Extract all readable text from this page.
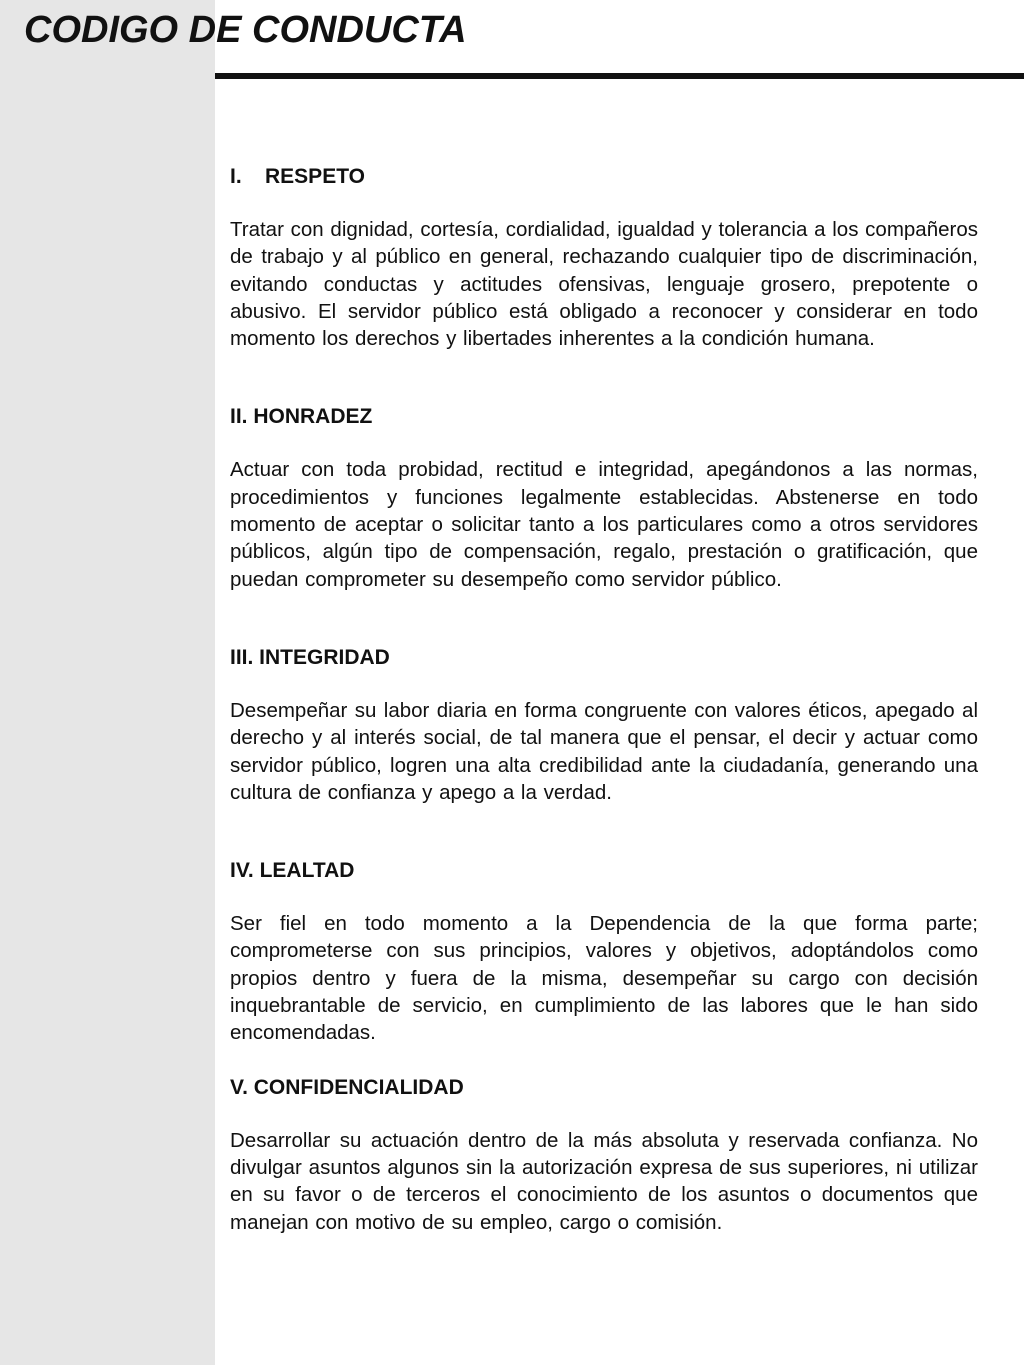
CODIGO DE CONDUCTA

I.    RESPETO

Tratar con dignidad, cortesía, cordialidad, igualdad y tolerancia a los compañeros de trabajo y al público en general, rechazando cualquier tipo de discriminación, evitando conductas y actitudes ofensivas, lenguaje grosero, prepotente o abusivo. El servidor público está obligado a reconocer y considerar en todo momento los derechos y libertades inherentes a la condición humana.

II. HONRADEZ

Actuar con toda probidad, rectitud e integridad, apegándonos a las normas, procedimientos y funciones legalmente establecidas. Abstenerse en todo momento de aceptar o solicitar tanto a los particulares como a otros servidores públicos, algún tipo de compensación, regalo, prestación o gratificación, que puedan comprometer su desempeño como servidor público.

III. INTEGRIDAD

Desempeñar su labor diaria en forma congruente con valores éticos, apegado al derecho y al interés social, de tal manera que el pensar, el decir y actuar como servidor público, logren una alta credibilidad ante la ciudadanía, generando una cultura de confianza y apego a la verdad.

IV. LEALTAD

Ser fiel en todo momento a la Dependencia de la que forma parte; comprometerse con sus principios, valores y objetivos, adoptándolos como propios dentro y fuera de la misma, desempeñar su cargo con decisión inquebrantable de servicio, en cumplimiento de las labores que le han sido encomendadas.

V. CONFIDENCIALIDAD

Desarrollar su actuación dentro de la más absoluta y reservada confianza. No divulgar asuntos algunos sin la autorización expresa de sus superiores, ni utilizar en su favor o de terceros el conocimiento de los asuntos o documentos que manejan con motivo de su empleo, cargo o comisión.
